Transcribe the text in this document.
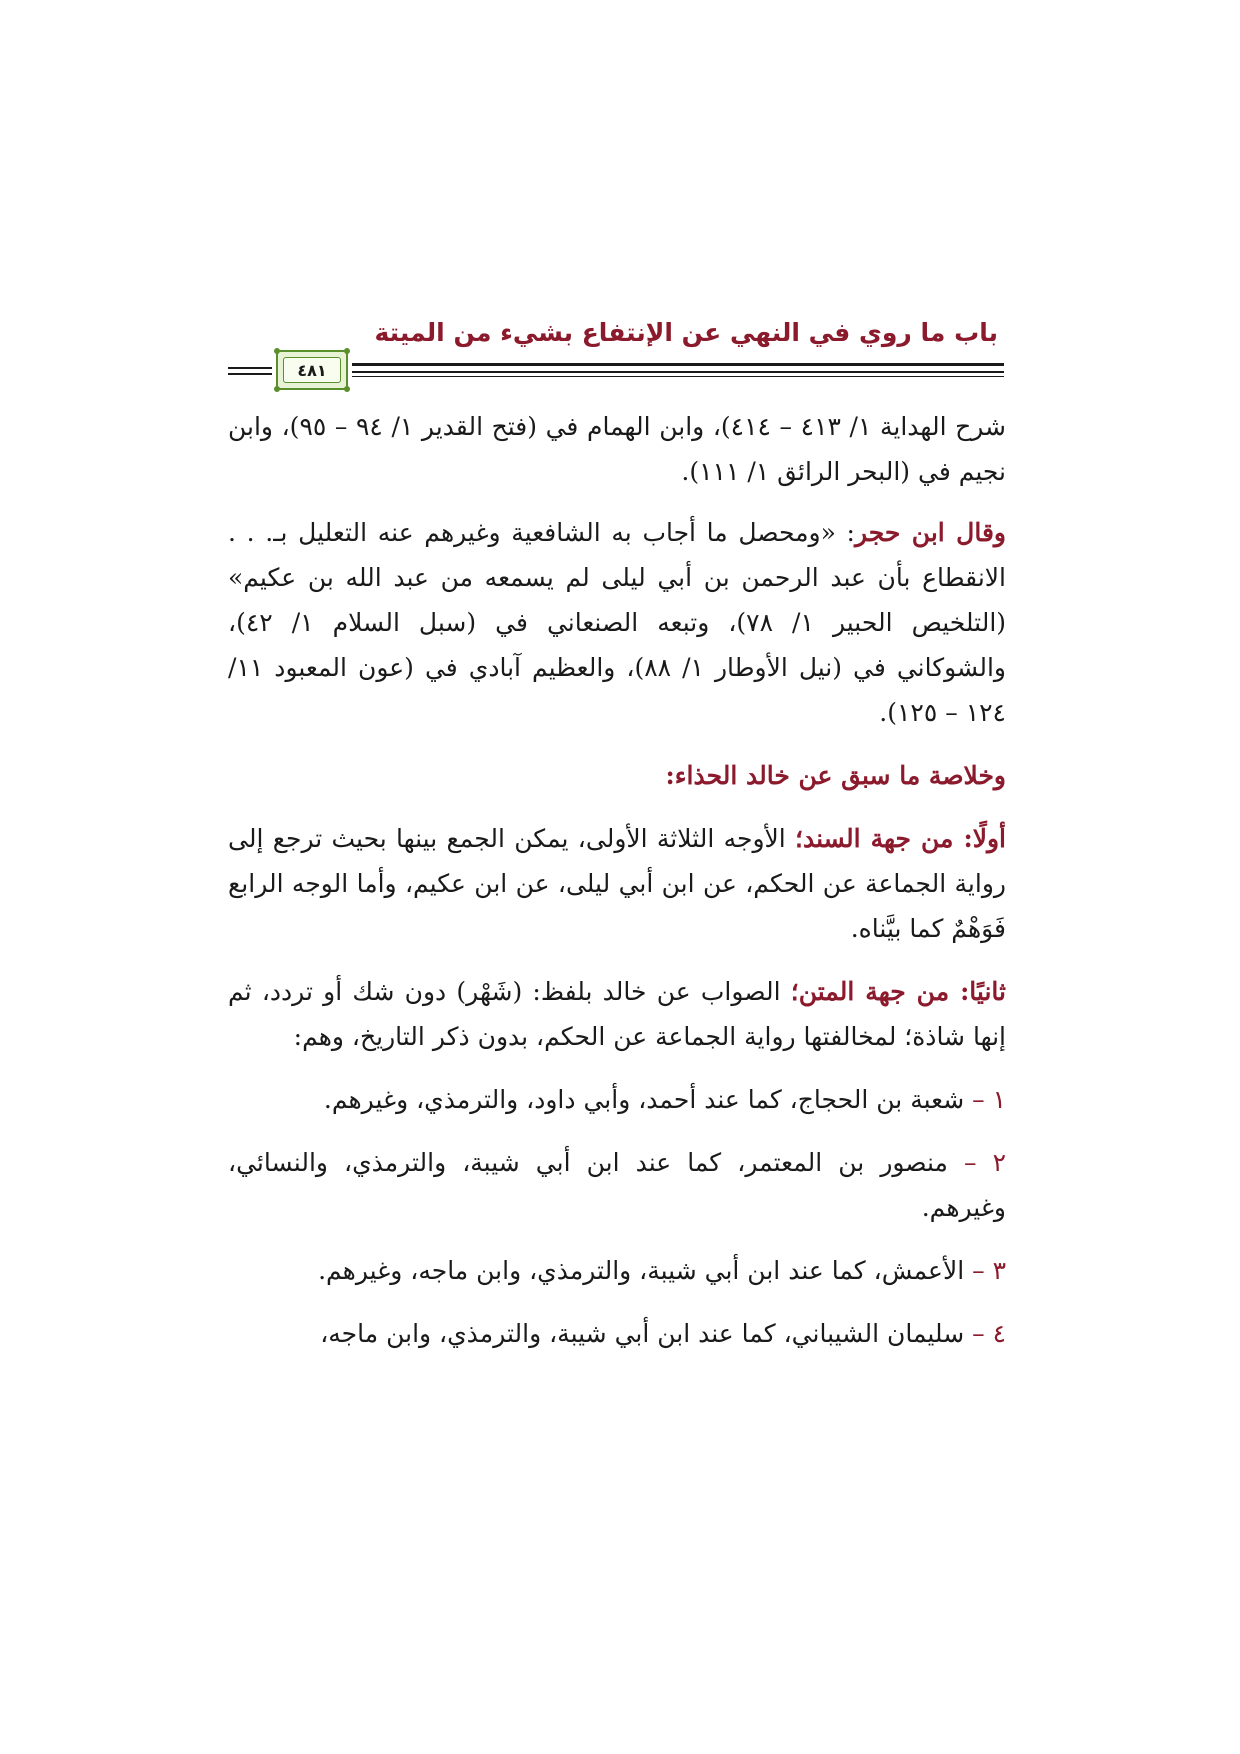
باب ما روي في النهي عن الإنتفاع بشيء من الميتة
٤٨١

شرح الهداية ١/ ٤١٣ – ٤١٤)، وابن الهمام في (فتح القدير ١/ ٩٤ – ٩٥)، وابن نجيم في (البحر الرائق ١/ ١١١).

وقال ابن حجر: «ومحصل ما أجاب به الشافعية وغيرهم عنه التعليل بـ. . . الانقطاع بأن عبد الرحمن بن أبي ليلى لم يسمعه من عبد الله بن عكيم» (التلخيص الحبير ١/ ٧٨)، وتبعه الصنعاني في (سبل السلام ١/ ٤٢)، والشوكاني في (نيل الأوطار ١/ ٨٨)، والعظيم آبادي في (عون المعبود ١١/ ١٢٤ – ١٢٥).

وخلاصة ما سبق عن خالد الحذاء:

أولًا: من جهة السند؛ الأوجه الثلاثة الأولى، يمكن الجمع بينها بحيث ترجع إلى رواية الجماعة عن الحكم، عن ابن أبي ليلى، عن ابن عكيم، وأما الوجه الرابع فَوَهْمٌ كما بيَّناه.

ثانيًا: من جهة المتن؛ الصواب عن خالد بلفظ: (شَهْر) دون شك أو تردد، ثم إنها شاذة؛ لمخالفتها رواية الجماعة عن الحكم، بدون ذكر التاريخ، وهم:

١ – شعبة بن الحجاج، كما عند أحمد، وأبي داود، والترمذي، وغيرهم.

٢ – منصور بن المعتمر، كما عند ابن أبي شيبة، والترمذي، والنسائي، وغيرهم.

٣ – الأعمش، كما عند ابن أبي شيبة، والترمذي، وابن ماجه، وغيرهم.

٤ – سليمان الشيباني، كما عند ابن أبي شيبة، والترمذي، وابن ماجه،
